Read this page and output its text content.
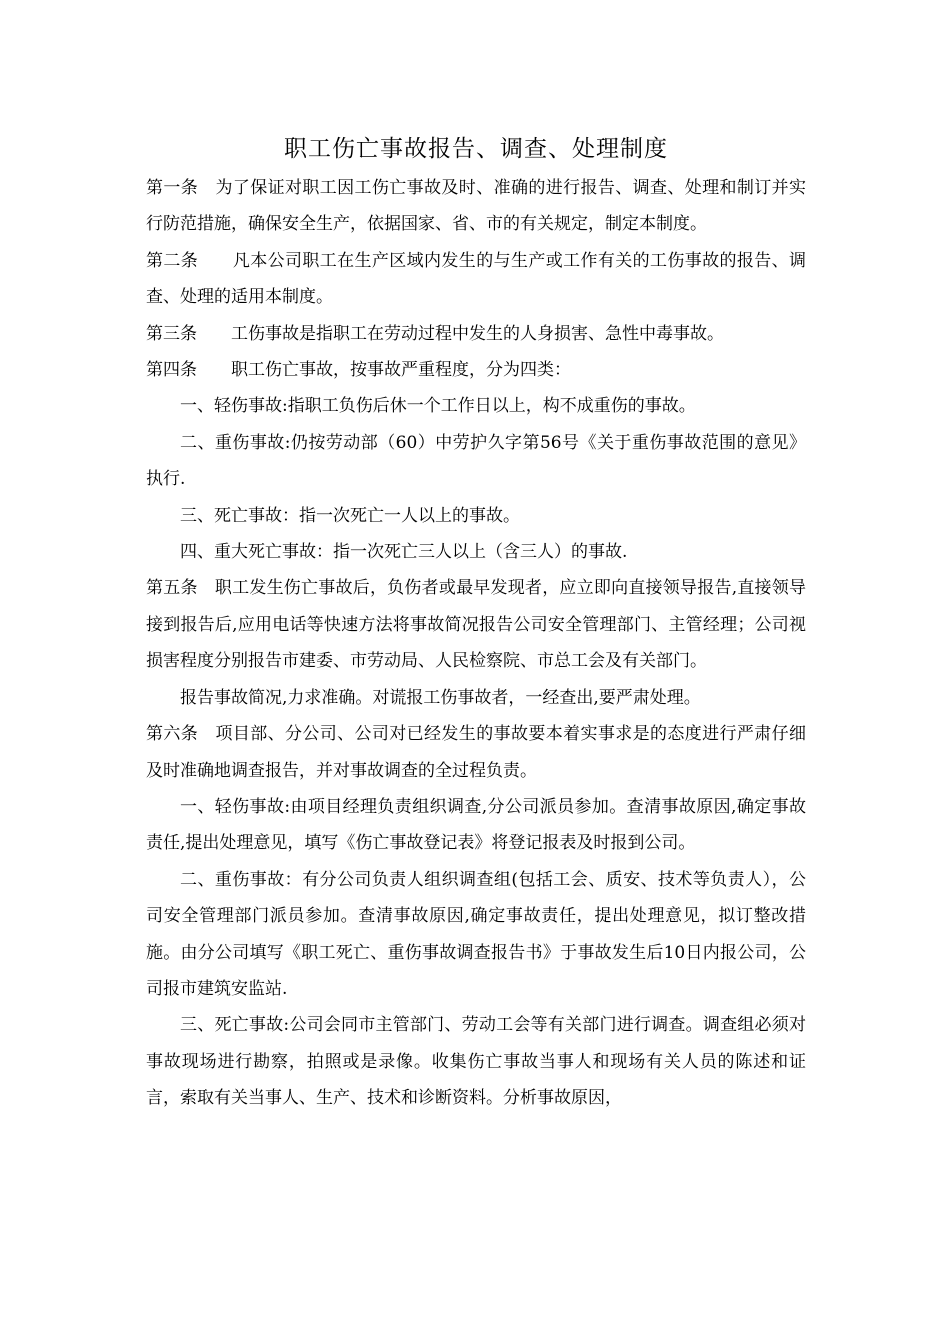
职工伤亡事故报告、调查、处理制度

第一条　为了保证对职工因工伤亡事故及时、准确的进行报告、调查、处理和制订并实行防范措施，确保安全生产，依据国家、省、市的有关规定，制定本制度。

第二条　　凡本公司职工在生产区域内发生的与生产或工作有关的工伤事故的报告、调查、处理的适用本制度。

第三条　　工伤事故是指职工在劳动过程中发生的人身损害、急性中毒事故。

第四条　　职工伤亡事故，按事故严重程度，分为四类：

一、轻伤事故:指职工负伤后休一个工作日以上，构不成重伤的事故。

二、重伤事故:仍按劳动部（60）中劳护久字第56号《关于重伤事故范围的意见》执行.

三、死亡事故：指一次死亡一人以上的事故。

四、重大死亡事故：指一次死亡三人以上（含三人）的事故.

第五条　职工发生伤亡事故后，负伤者或最早发现者，应立即向直接领导报告,直接领导接到报告后,应用电话等快速方法将事故简况报告公司安全管理部门、主管经理；公司视损害程度分别报告市建委、市劳动局、人民检察院、市总工会及有关部门。

报告事故简况,力求准确。对谎报工伤事故者，一经查出,要严肃处理。

第六条　项目部、分公司、公司对已经发生的事故要本着实事求是的态度进行严肃仔细及时准确地调查报告，并对事故调查的全过程负责。

一、轻伤事故:由项目经理负责组织调查,分公司派员参加。查清事故原因,确定事故责任,提出处理意见，填写《伤亡事故登记表》将登记报表及时报到公司。

二、重伤事故：有分公司负责人组织调查组(包括工会、质安、技术等负责人），公司安全管理部门派员参加。查清事故原因,确定事故责任，提出处理意见，拟订整改措施。由分公司填写《职工死亡、重伤事故调查报告书》于事故发生后10日内报公司，公司报市建筑安监站.

三、死亡事故:公司会同市主管部门、劳动工会等有关部门进行调查。调查组必须对事故现场进行勘察，拍照或是录像。收集伤亡事故当事人和现场有关人员的陈述和证言，索取有关当事人、生产、技术和诊断资料。分析事故原因，
